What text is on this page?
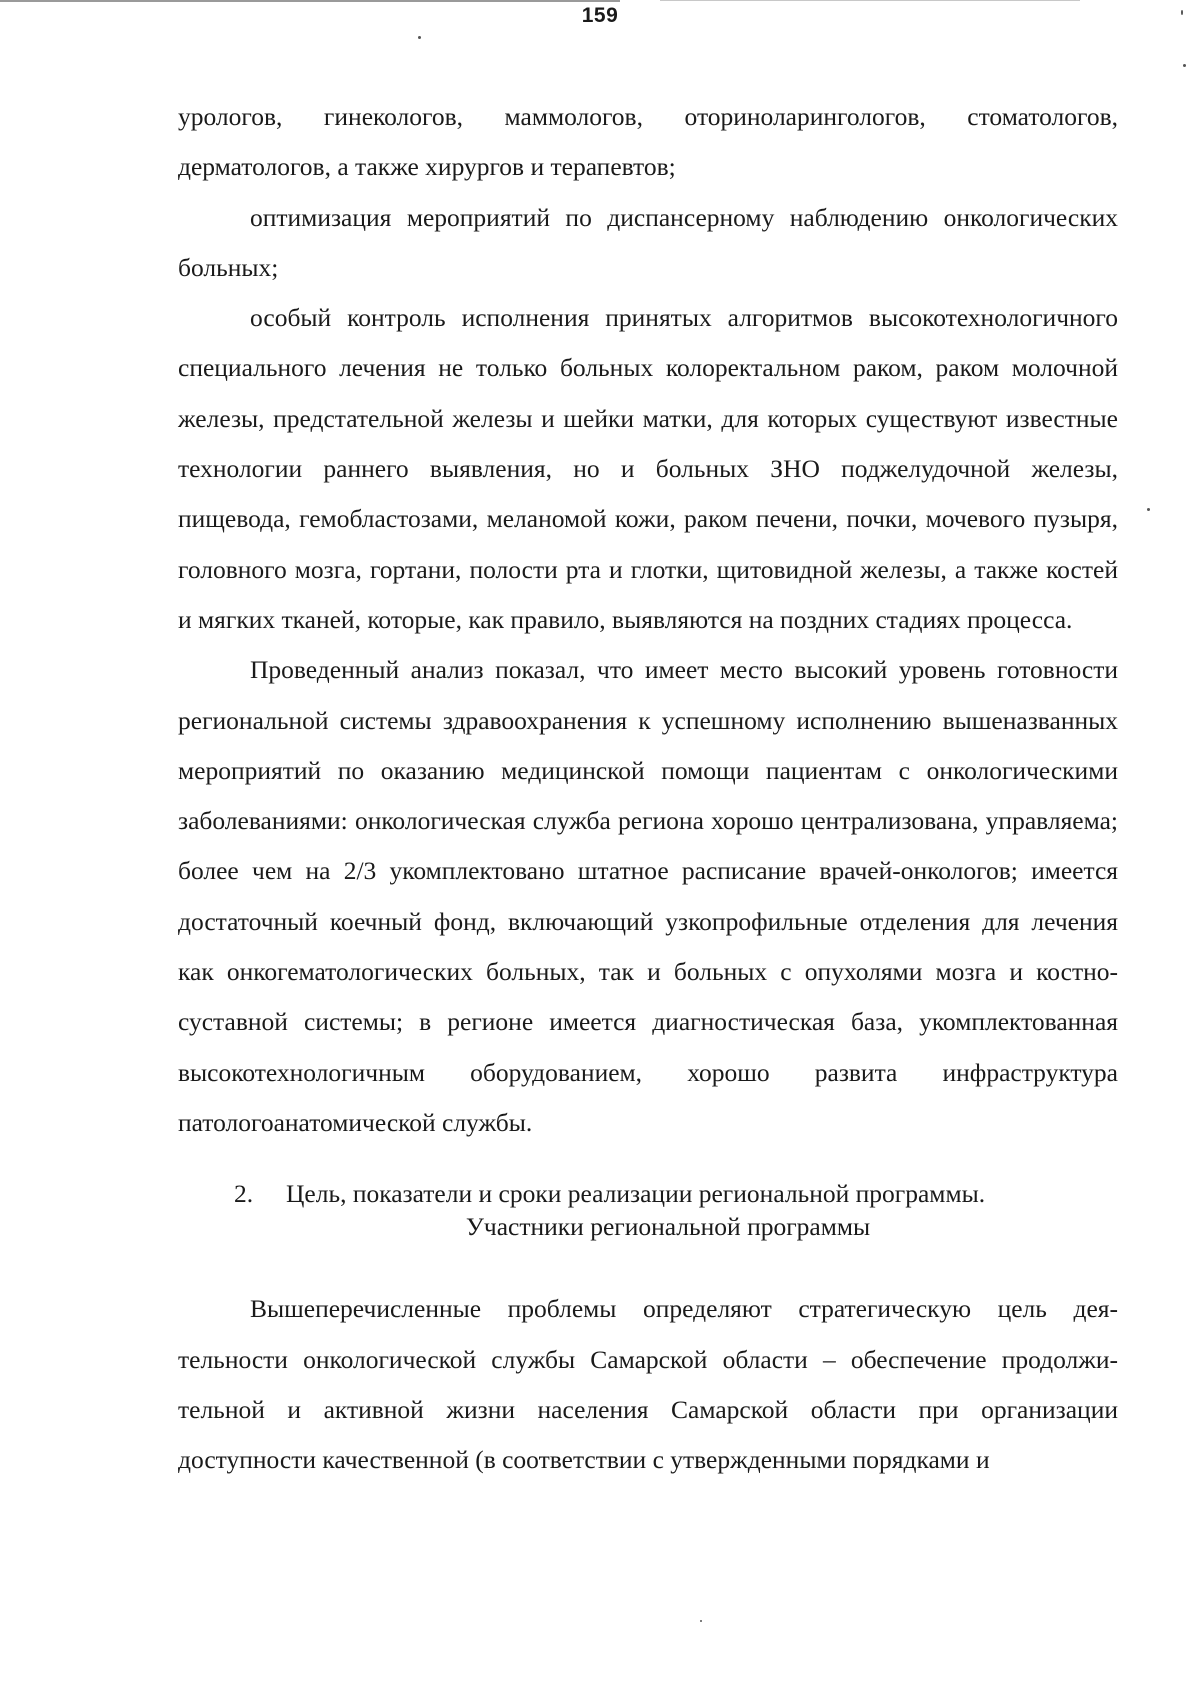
159

урологов, гинекологов, маммологов, оториноларингологов, стоматологов, дерматологов, а также хирургов и терапевтов;

оптимизация мероприятий по диспансерному наблюдению онкологических больных;

особый контроль исполнения принятых алгоритмов высокотехнологичного специального лечения не только больных колоректальном раком, раком молочной железы, предстательной железы и шейки матки, для которых существуют известные технологии раннего выявления, но и больных ЗНО поджелудочной железы, пищевода, гемобластозами, меланомой кожи, раком печени, почки, мочевого пузыря, головного мозга, гортани, полости рта и глотки, щитовидной железы, а также костей и мягких тканей, которые, как правило, выявляются на поздних стадиях процесса.

Проведенный анализ показал, что имеет место высокий уровень готовности региональной системы здравоохранения к успешному исполнению вышеназванных мероприятий по оказанию медицинской помощи пациентам с онкологическими заболеваниями: онкологическая служба региона хорошо централизована, управляема; более чем на 2/3 укомплектовано штатное расписание врачей-онкологов; имеется достаточный коечный фонд, включающий узкопрофильные отделения для лечения как онкогематологических больных, так и больных с опухолями мозга и костно-суставной системы; в регионе имеется диагностическая база, укомплектованная высокотехнологичным оборудованием, хорошо развита инфраструктура патологоанатомической службы.

2. Цель, показатели и сроки реализации региональной программы.
Участники региональной программы

Вышеперечисленные проблемы определяют стратегическую цель деятельности онкологической службы Самарской области – обеспечение продолжительной и активной жизни населения Самарской области при организации доступности качественной (в соответствии с утвержденными порядками и
